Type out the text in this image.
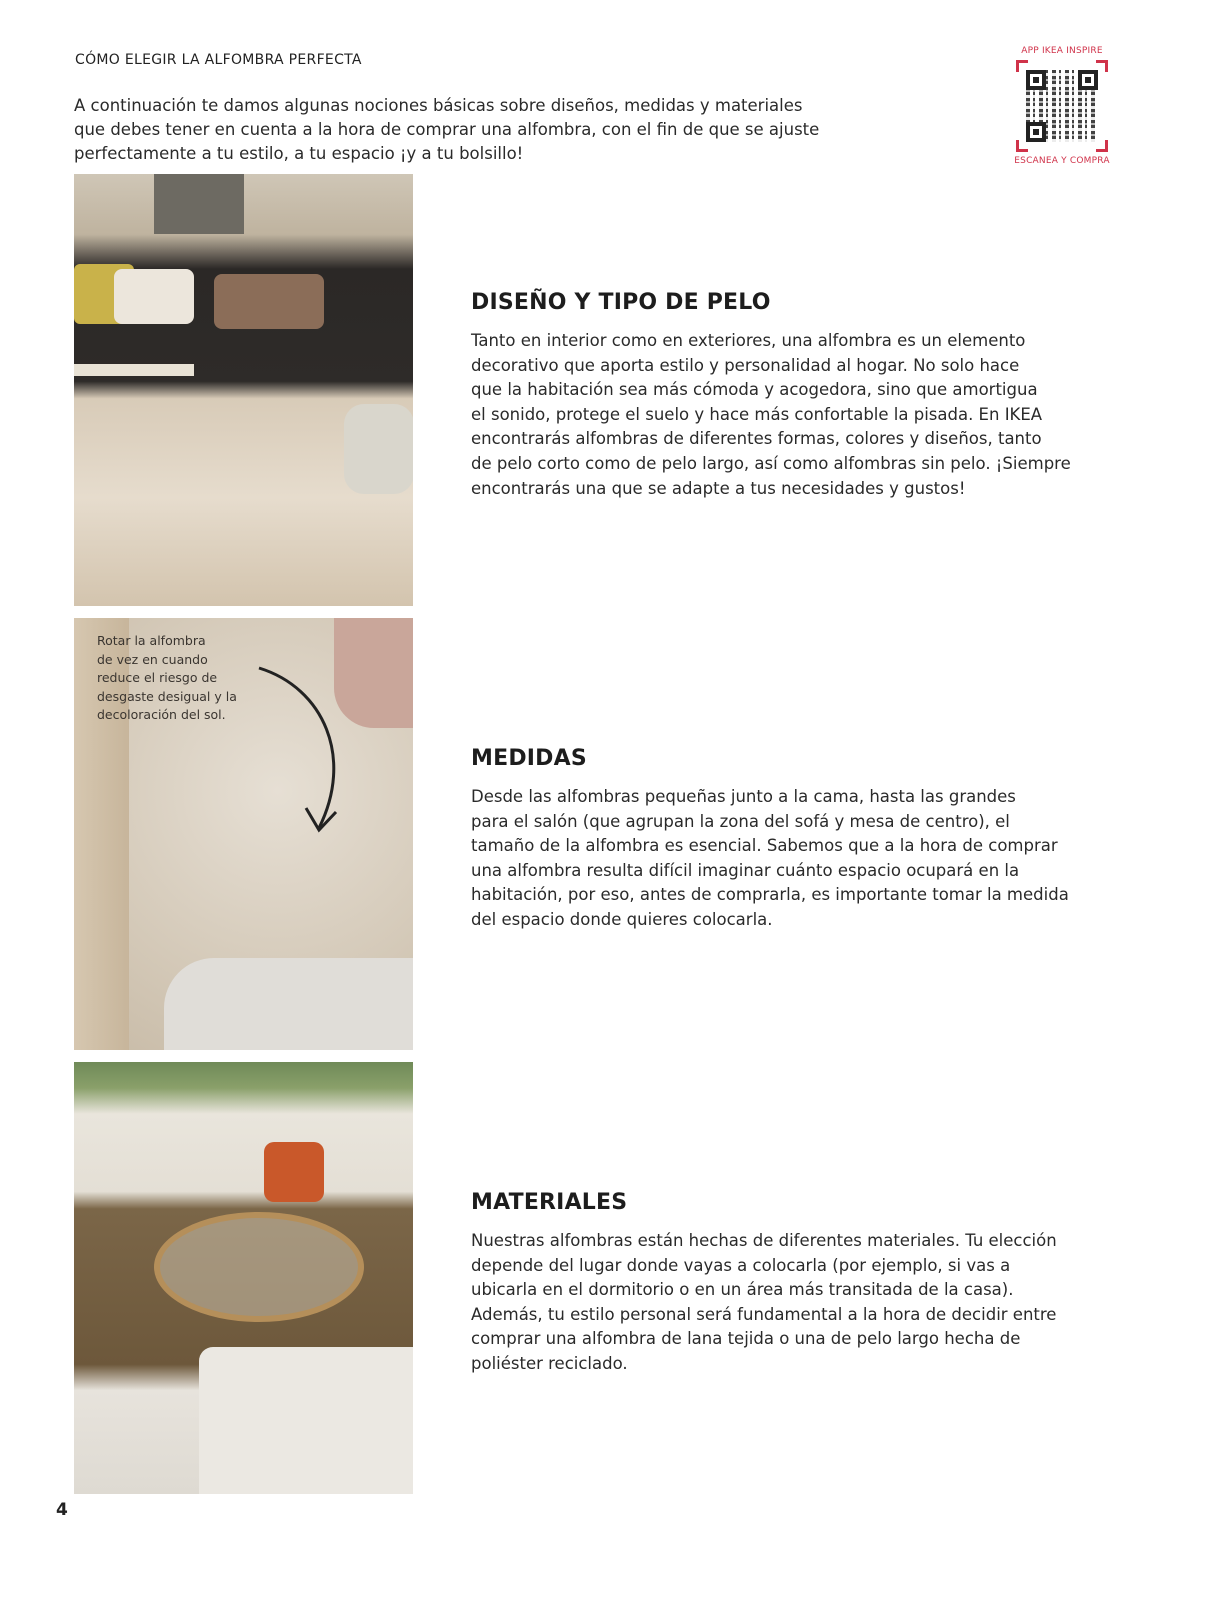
CÓMO ELEGIR LA ALFOMBRA PERFECTA
A continuación te damos algunas nociones básicas sobre diseños, medidas y materiales
que debes tener en cuenta a la hora de comprar una alfombra, con el fin de que se ajuste
perfectamente a tu estilo, a tu espacio ¡y a tu bolsillo!
APP IKEA INSPIRE
ESCANEA Y COMPRA
Rotar la alfombra
de vez en cuando
reduce el riesgo de
desgaste desigual y la
decoloración del sol.
DISEÑO Y TIPO DE PELO
Tanto en interior como en exteriores, una alfombra es un elemento
decorativo que aporta estilo y personalidad al hogar. No solo hace
que la habitación sea más cómoda y acogedora, sino que amortigua
el sonido, protege el suelo y hace más confortable la pisada. En IKEA
encontrarás alfombras de diferentes formas, colores y diseños, tanto
de pelo corto como de pelo largo, así como alfombras sin pelo. ¡Siempre
encontrarás una que se adapte a tus necesidades y gustos!
MEDIDAS
Desde las alfombras pequeñas junto a la cama, hasta las grandes
para el salón (que agrupan la zona del sofá y mesa de centro), el
tamaño de la alfombra es esencial. Sabemos que a la hora de comprar
una alfombra resulta difícil imaginar cuánto espacio ocupará en la
habitación, por eso, antes de comprarla, es importante tomar la medida
del espacio donde quieres colocarla.
MATERIALES
Nuestras alfombras están hechas de diferentes materiales. Tu elección
depende del lugar donde vayas a colocarla (por ejemplo, si vas a
ubicarla en el dormitorio o en un área más transitada de la casa).
Además, tu estilo personal será fundamental a la hora de decidir entre
comprar una alfombra de lana tejida o una de pelo largo hecha de
poliéster reciclado.
4
